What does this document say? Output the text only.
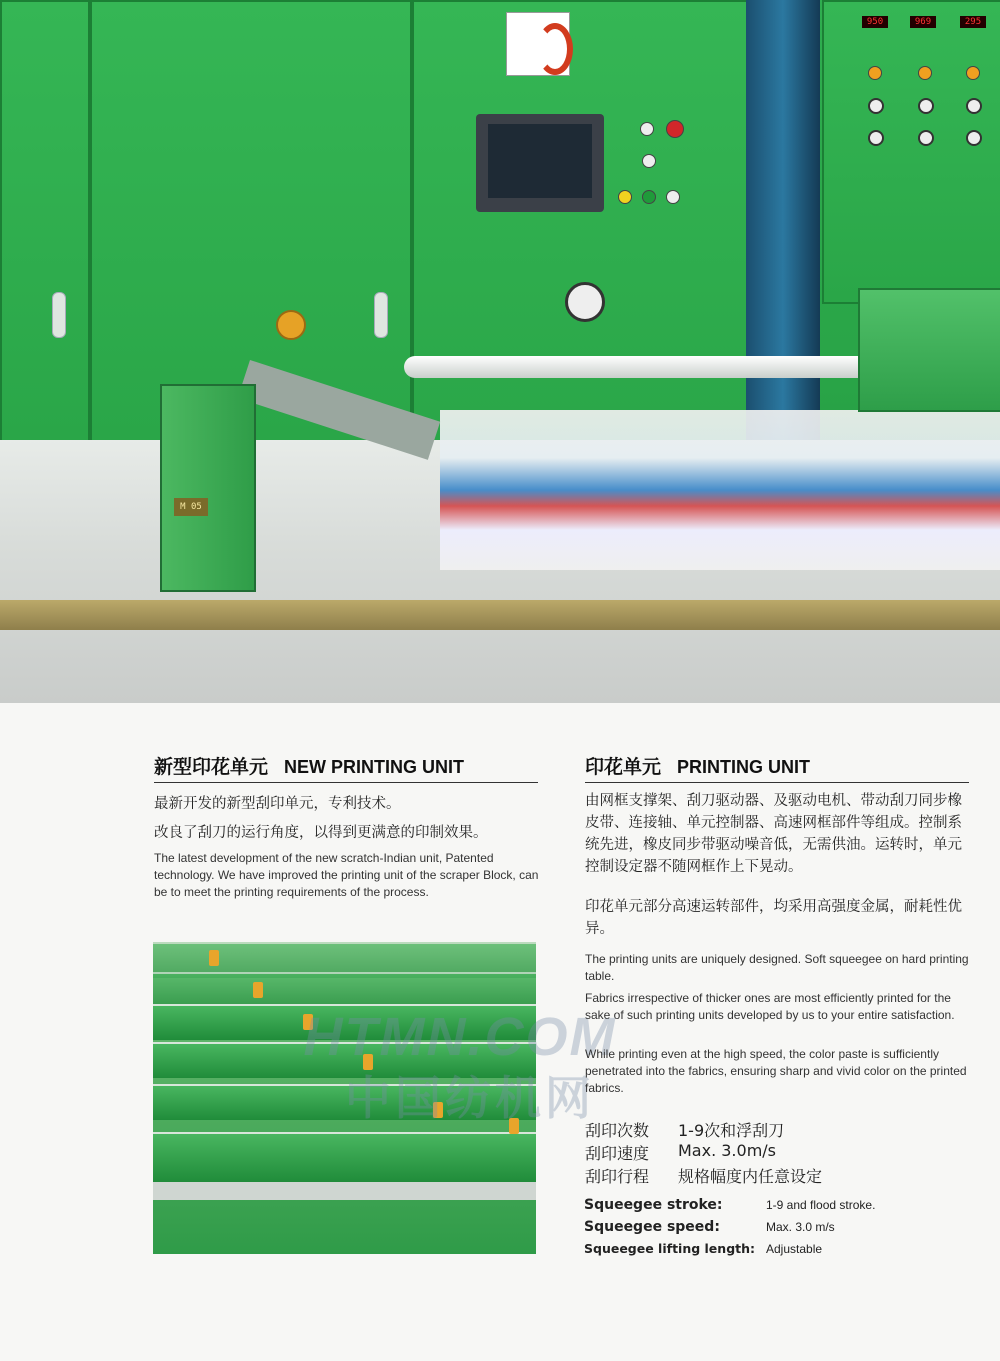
950	969	295
M 05
新型印花单元 NEW PRINTING UNIT
最新开发的新型刮印单元，专利技术。
改良了刮刀的运行角度，以得到更满意的印制效果。
The latest development of the new scratch-Indian unit, Patented technology. We have improved the printing unit of the scraper Block, can be to meet the printing requirements of the process.
HTMN.COM
中国纺机网
印花单元 PRINTING UNIT
由网框支撑架、刮刀驱动器、及驱动电机、带动刮刀同步橡皮带、连接轴、单元控制器、高速网框部件等组成。控制系统先进，橡皮同步带驱动噪音低，无需供油。运转时，单元控制设定器不随网框作上下晃动。
印花单元部分高速运转部件，均采用高强度金属，耐耗性优异。
The printing units are uniquely designed. Soft squeegee on hard printing table.
Fabrics irrespective of thicker ones are most efficiently printed for the sake of such printing units developed by us to your entire satisfaction.
While printing even at the high speed, the color paste is sufficiently penetrated into the fabrics, ensuring sharp and vivid color on the printed fabrics.
刮印次数 1-9次和浮刮刀
刮印速度 Max. 3.0m/s
刮印行程 规格幅度内任意设定
Squeegee stroke:	1-9 and flood stroke.
Squeegee speed:	Max. 3.0 m/s
Squeegee lifting length: Adjustable
